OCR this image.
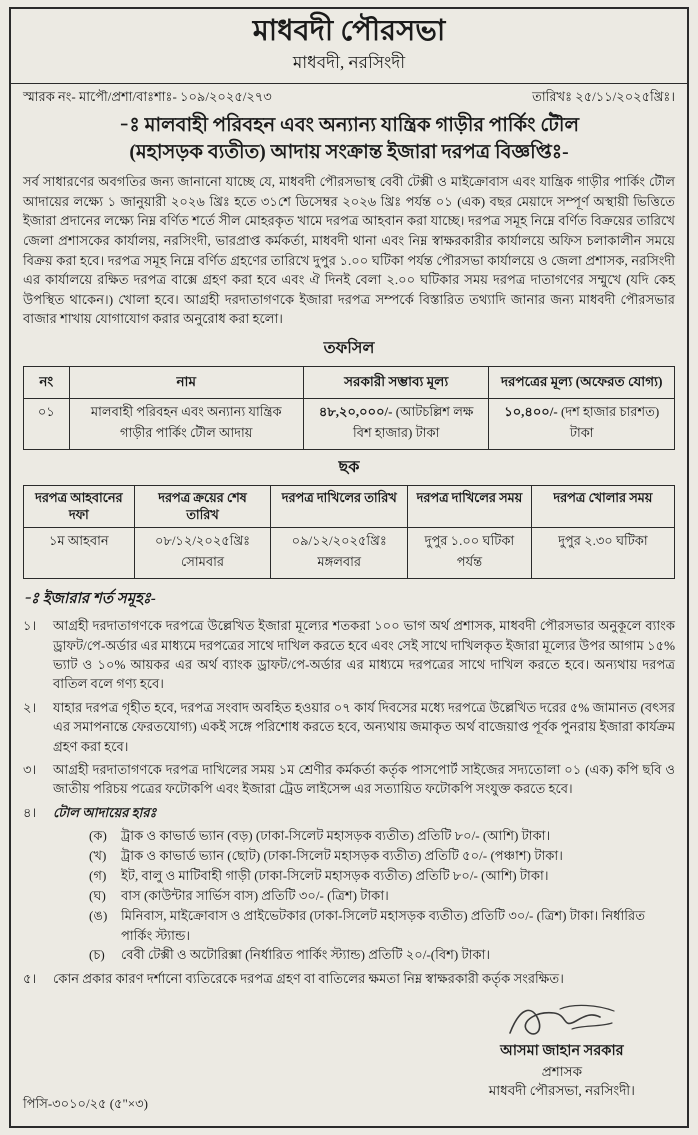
মাধবদী পৌরসভা
মাধবদী, নরসিংদী
স্মারক নং- মাপৌ/প্রশা/বাঃশাঃ- ১০৯/২০২৫/২৭৩	তারিখঃ ২৫/১১/২০২৫খ্রিঃ।
-ঃ মালবাহী পরিবহন এবং অন্যান্য যান্ত্রিক গাড়ীর পার্কিং টৌল
(মহাসড়ক ব্যতীত) আদায় সংক্রান্ত ইজারা দরপত্র বিজ্ঞপ্তিঃ-

সর্ব সাধারণের অবগতির জন্য জানানো যাচ্ছে যে, মাধবদী পৌরসভাস্থ বেবী টেক্সী ও মাইক্রোবাস এবং যান্ত্রিক গাড়ীর পার্কিং টৌল আদায়ের লক্ষ্যে ১ জানুয়ারী ২০২৬ খ্রিঃ হতে ৩১শে ডিসেম্বর ২০২৬ খ্রিঃ পর্যন্ত ০১ (এক) বছর মেয়াদে সম্পূর্ণ অস্থায়ী ভিত্তিতে ইজারা প্রদানের লক্ষ্যে নিম্ন বর্ণিত শর্তে সীল মোহরকৃত খামে দরপত্র আহবান করা যাচ্ছে। দরপত্র সমূহ নিম্নে বর্ণিত বিক্রয়ের তারিখে জেলা প্রশাসকের কার্যালয়, নরসিংদী, ভারপ্রাপ্ত কর্মকর্তা, মাধবদী থানা এবং নিম্ন স্বাক্ষরকারীর কার্যালয়ে অফিস চলাকালীন সময়ে বিক্রয় করা হবে। দরপত্র সমূহ নিম্নে বর্ণিত গ্রহণের তারিখে দুপুর ১.০০ ঘটিকা পর্যন্ত পৌরসভা কার্যালয়ে ও জেলা প্রশাসক, নরসিংদী এর কার্যালয়ে রক্ষিত দরপত্র বাক্সে গ্রহণ করা হবে এবং ঐ দিনই বেলা ২.০০ ঘটিকার সময় দরপত্র দাতাগণের সম্মুখে (যদি কেহ উপস্থিত থাকেন।) খোলা হবে। আগ্রহী দরদাতাগণকে ইজারা দরপত্র সম্পর্কে বিস্তারিত তথ্যাদি জানার জন্য মাধবদী পৌরসভার বাজার শাখায় যোগাযোগ করার অনুরোধ করা হলো।

তফসিল
নং	নাম	সরকারী সম্ভাব্য মূল্য	দরপত্রের মূল্য (অফেরত যোগ্য)
০১	মালবাহী পরিবহন এবং অন্যান্য যান্ত্রিক গাড়ীর পার্কিং টৌল আদায়	৪৮,২০,০০০/- (আটচল্লিশ লক্ষ বিশ হাজার) টাকা	১০,৪০০/- (দশ হাজার চারশত) টাকা
ছক
দরপত্র আহবানের দফা	দরপত্র ক্রয়ের শেষ তারিখ	দরপত্র দাখিলের তারিখ	দরপত্র দাখিলের সময়	দরপত্র খোলার সময়
১ম আহবান	০৮/১২/২০২৫খ্রিঃ সোমবার	০৯/১২/২০২৫খ্রিঃ মঙ্গলবার	দুপুর ১.০০ ঘটিকা পর্যন্ত	দুপুর ২.৩০ ঘটিকা
-ঃ ইজারার শর্ত সমূহঃ-
১।	আগ্রহী দরদাতাগণকে দরপত্রে উল্লেখিত ইজারা মূল্যের শতকরা ১০০ ভাগ অর্থ প্রশাসক, মাধবদী পৌরসভার অনুকূলে ব্যাংক ড্রাফট/পে-অর্ডার এর মাধ্যমে দরপত্রের সাথে দাখিল করতে হবে এবং সেই সাথে দাখিলকৃত ইজারা মূল্যের উপর আগাম ১৫% ভ্যাট ও ১০% আয়কর এর অর্থ ব্যাংক ড্রাফট/পে-অর্ডার এর মাধ্যমে দরপত্রের সাথে দাখিল করতে হবে। অন্যথায় দরপত্র বাতিল বলে গণ্য হবে।
২।	যাহার দরপত্র গৃহীত হবে, দরপত্র সংবাদ অবহিত হওয়ার ০৭ কার্য দিবসের মধ্যে দরপত্রে উল্লেখিত দরের ৫% জামানত (বৎসর এর সমাপনান্তে ফেরতযোগ্য) একই সঙ্গে পরিশোধ করতে হবে, অন্যথায় জমাকৃত অর্থ বাজেয়াপ্ত পূর্বক পুনরায় ইজারা কার্যক্রম গ্রহণ করা হবে।
৩।	আগ্রহী দরদাতাগণকে দরপত্র দাখিলের সময় ১ম শ্রেণীর কর্মকর্তা কর্তৃক পাসপোর্ট সাইজের সদ্যতোলা ০১ (এক) কপি ছবি ও জাতীয় পরিচয় পত্রের ফটোকপি এবং ইজারা ট্রেড লাইসেন্স এর সত্যায়িত ফটোকপি সংযুক্ত করতে হবে।
৪।	টোল আদায়ের হারঃ
(ক)	ট্রাক ও কাভার্ড ভ্যান (বড়) (ঢাকা-সিলেট মহাসড়ক ব্যতীত) প্রতিটি ৮০/- (আশি) টাকা।
(খ)	ট্রাক ও কাভার্ড ভ্যান (ছোট) (ঢাকা-সিলেট মহাসড়ক ব্যতীত) প্রতিটি ৫০/- (পঞ্চাশ) টাকা।
(গ)	ইট, বালু ও মাটিবাহী গাড়ী (ঢাকা-সিলেট মহাসড়ক ব্যতীত) প্রতিটি ৮০/- (আশি) টাকা।
(ঘ)	বাস (কাউন্টার সার্ভিস বাস) প্রতিটি ৩০/- (ত্রিশ) টাকা।
(ঙ)	মিনিবাস, মাইক্রোবাস ও প্রাইভেটকার (ঢাকা-সিলেট মহাসড়ক ব্যতীত) প্রতিটি ৩০/- (ত্রিশ) টাকা। নির্ধারিত পার্কিং স্ট্যান্ড।
(চ)	বেবী টেক্সী ও অটোরিক্সা (নির্ধারিত পার্কিং স্ট্যান্ড) প্রতিটি ২০/-(বিশ) টাকা।
৫।	কোন প্রকার কারণ দর্শানো ব্যতিরেকে দরপত্র গ্রহণ বা বাতিলের ক্ষমতা নিম্ন স্বাক্ষরকারী কর্তৃক সংরক্ষিত।
আসমা জাহান সরকার
প্রশাসক
মাধবদী পৌরসভা, নরসিংদী।
পিসি-৩০১০/২৫ (৫"×৩)
